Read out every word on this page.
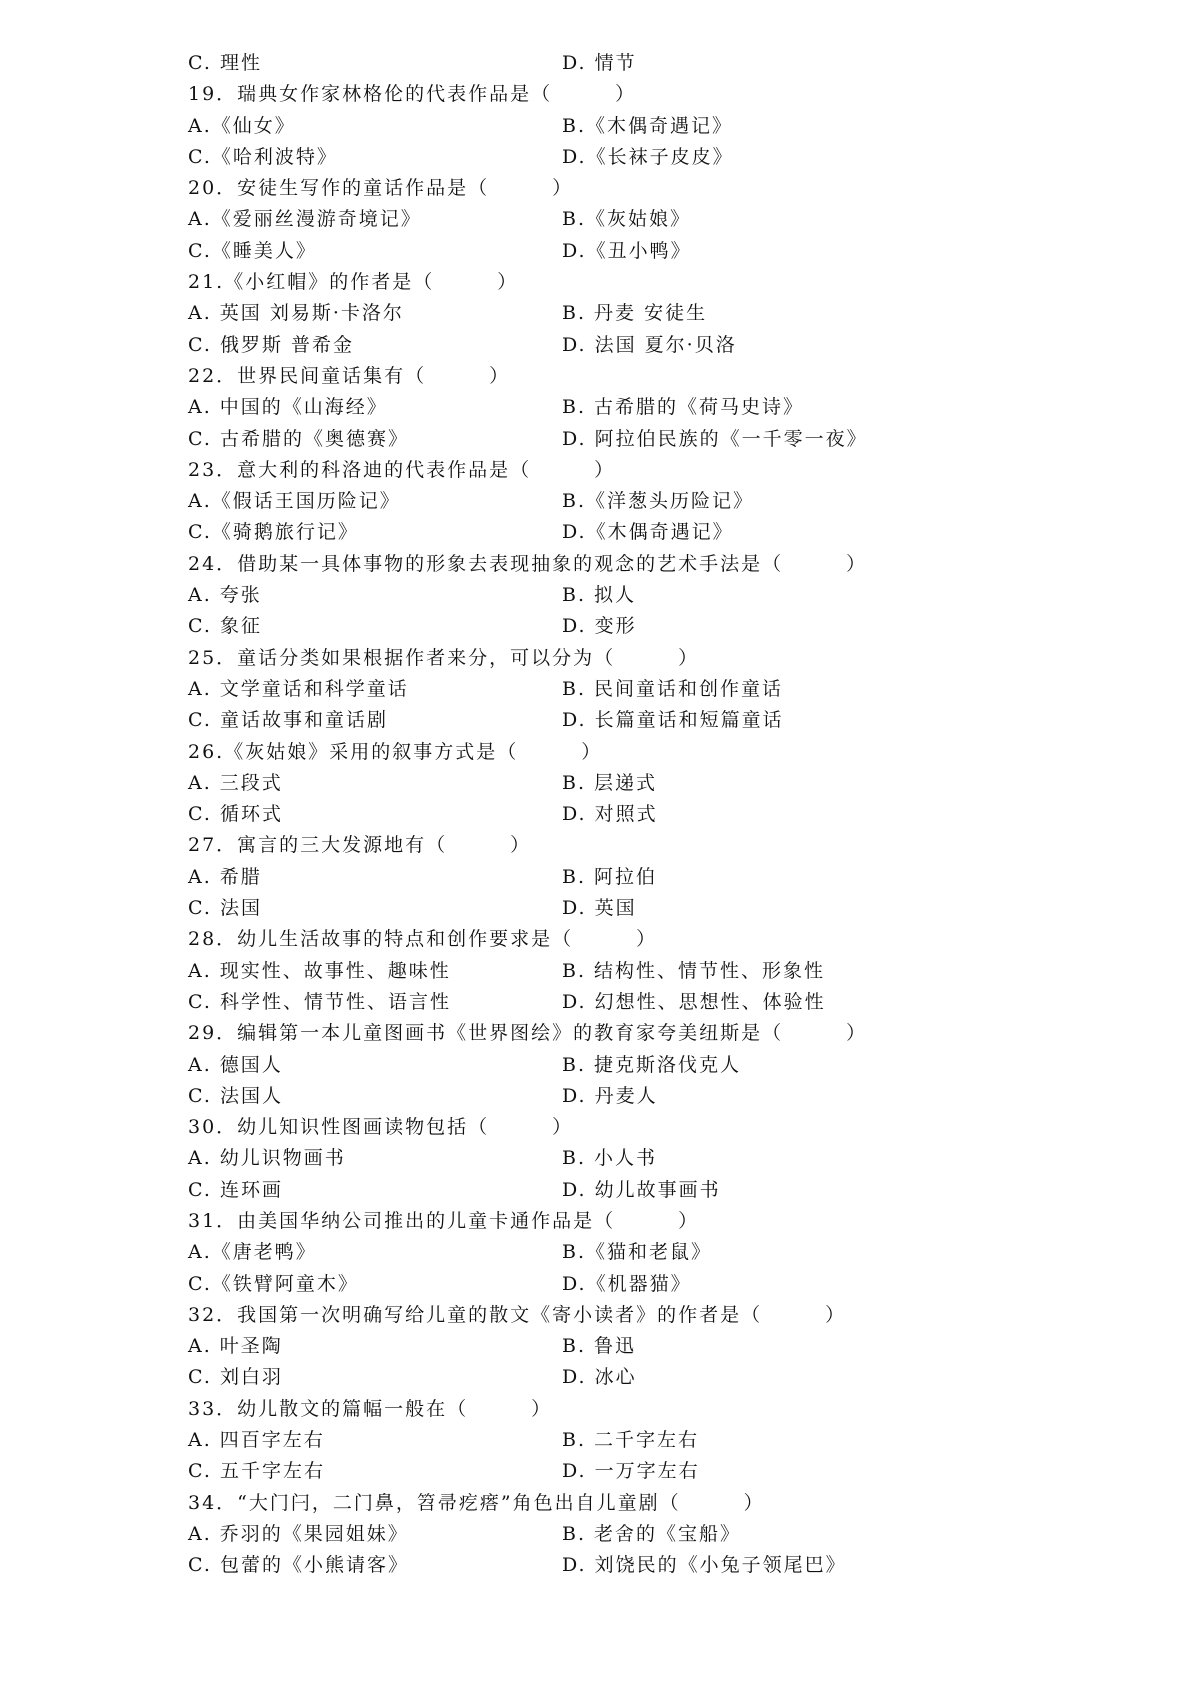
C. 理性	D. 情节
19．瑞典女作家林格伦的代表作品是（　　　）
A.《仙女》	B.《木偶奇遇记》
C.《哈利波特》	D.《长袜子皮皮》
20．安徒生写作的童话作品是（　　　）
A.《爱丽丝漫游奇境记》	B.《灰姑娘》
C.《睡美人》	D.《丑小鸭》
21.《小红帽》的作者是（　　　）
A. 英国 刘易斯·卡洛尔	B. 丹麦 安徒生
C. 俄罗斯 普希金	D. 法国 夏尔·贝洛
22．世界民间童话集有（　　　）
A. 中国的《山海经》	B. 古希腊的《荷马史诗》
C. 古希腊的《奥德赛》	D. 阿拉伯民族的《一千零一夜》
23．意大利的科洛迪的代表作品是（　　　）
A.《假话王国历险记》	B.《洋葱头历险记》
C.《骑鹅旅行记》	D.《木偶奇遇记》
24．借助某一具体事物的形象去表现抽象的观念的艺术手法是（　　　）
A. 夸张	B. 拟人
C. 象征	D. 变形
25．童话分类如果根据作者来分，可以分为（　　　）
A. 文学童话和科学童话	B. 民间童话和创作童话
C. 童话故事和童话剧	D. 长篇童话和短篇童话
26.《灰姑娘》采用的叙事方式是（　　　）
A. 三段式	B. 层递式
C. 循环式	D. 对照式
27．寓言的三大发源地有（　　　）
A. 希腊	B. 阿拉伯
C. 法国	D. 英国
28．幼儿生活故事的特点和创作要求是（　　　）
A. 现实性、故事性、趣味性	B. 结构性、情节性、形象性
C. 科学性、情节性、语言性	D. 幻想性、思想性、体验性
29．编辑第一本儿童图画书《世界图绘》的教育家夸美纽斯是（　　　）
A. 德国人	B. 捷克斯洛伐克人
C. 法国人	D. 丹麦人
30．幼儿知识性图画读物包括（　　　）
A. 幼儿识物画书	B. 小人书
C. 连环画	D. 幼儿故事画书
31．由美国华纳公司推出的儿童卡通作品是（　　　）
A.《唐老鸭》	B.《猫和老鼠》
C.《铁臂阿童木》	D.《机器猫》
32．我国第一次明确写给儿童的散文《寄小读者》的作者是（　　　）
A. 叶圣陶	B. 鲁迅
C. 刘白羽	D. 冰心
33．幼儿散文的篇幅一般在（　　　）
A. 四百字左右	B. 二千字左右
C. 五千字左右	D. 一万字左右
34．“大门闩，二门鼻，笤帚疙瘩”角色出自儿童剧（　　　）
A. 乔羽的《果园姐妹》	B. 老舍的《宝船》
C. 包蕾的《小熊请客》	D. 刘饶民的《小兔子领尾巴》
